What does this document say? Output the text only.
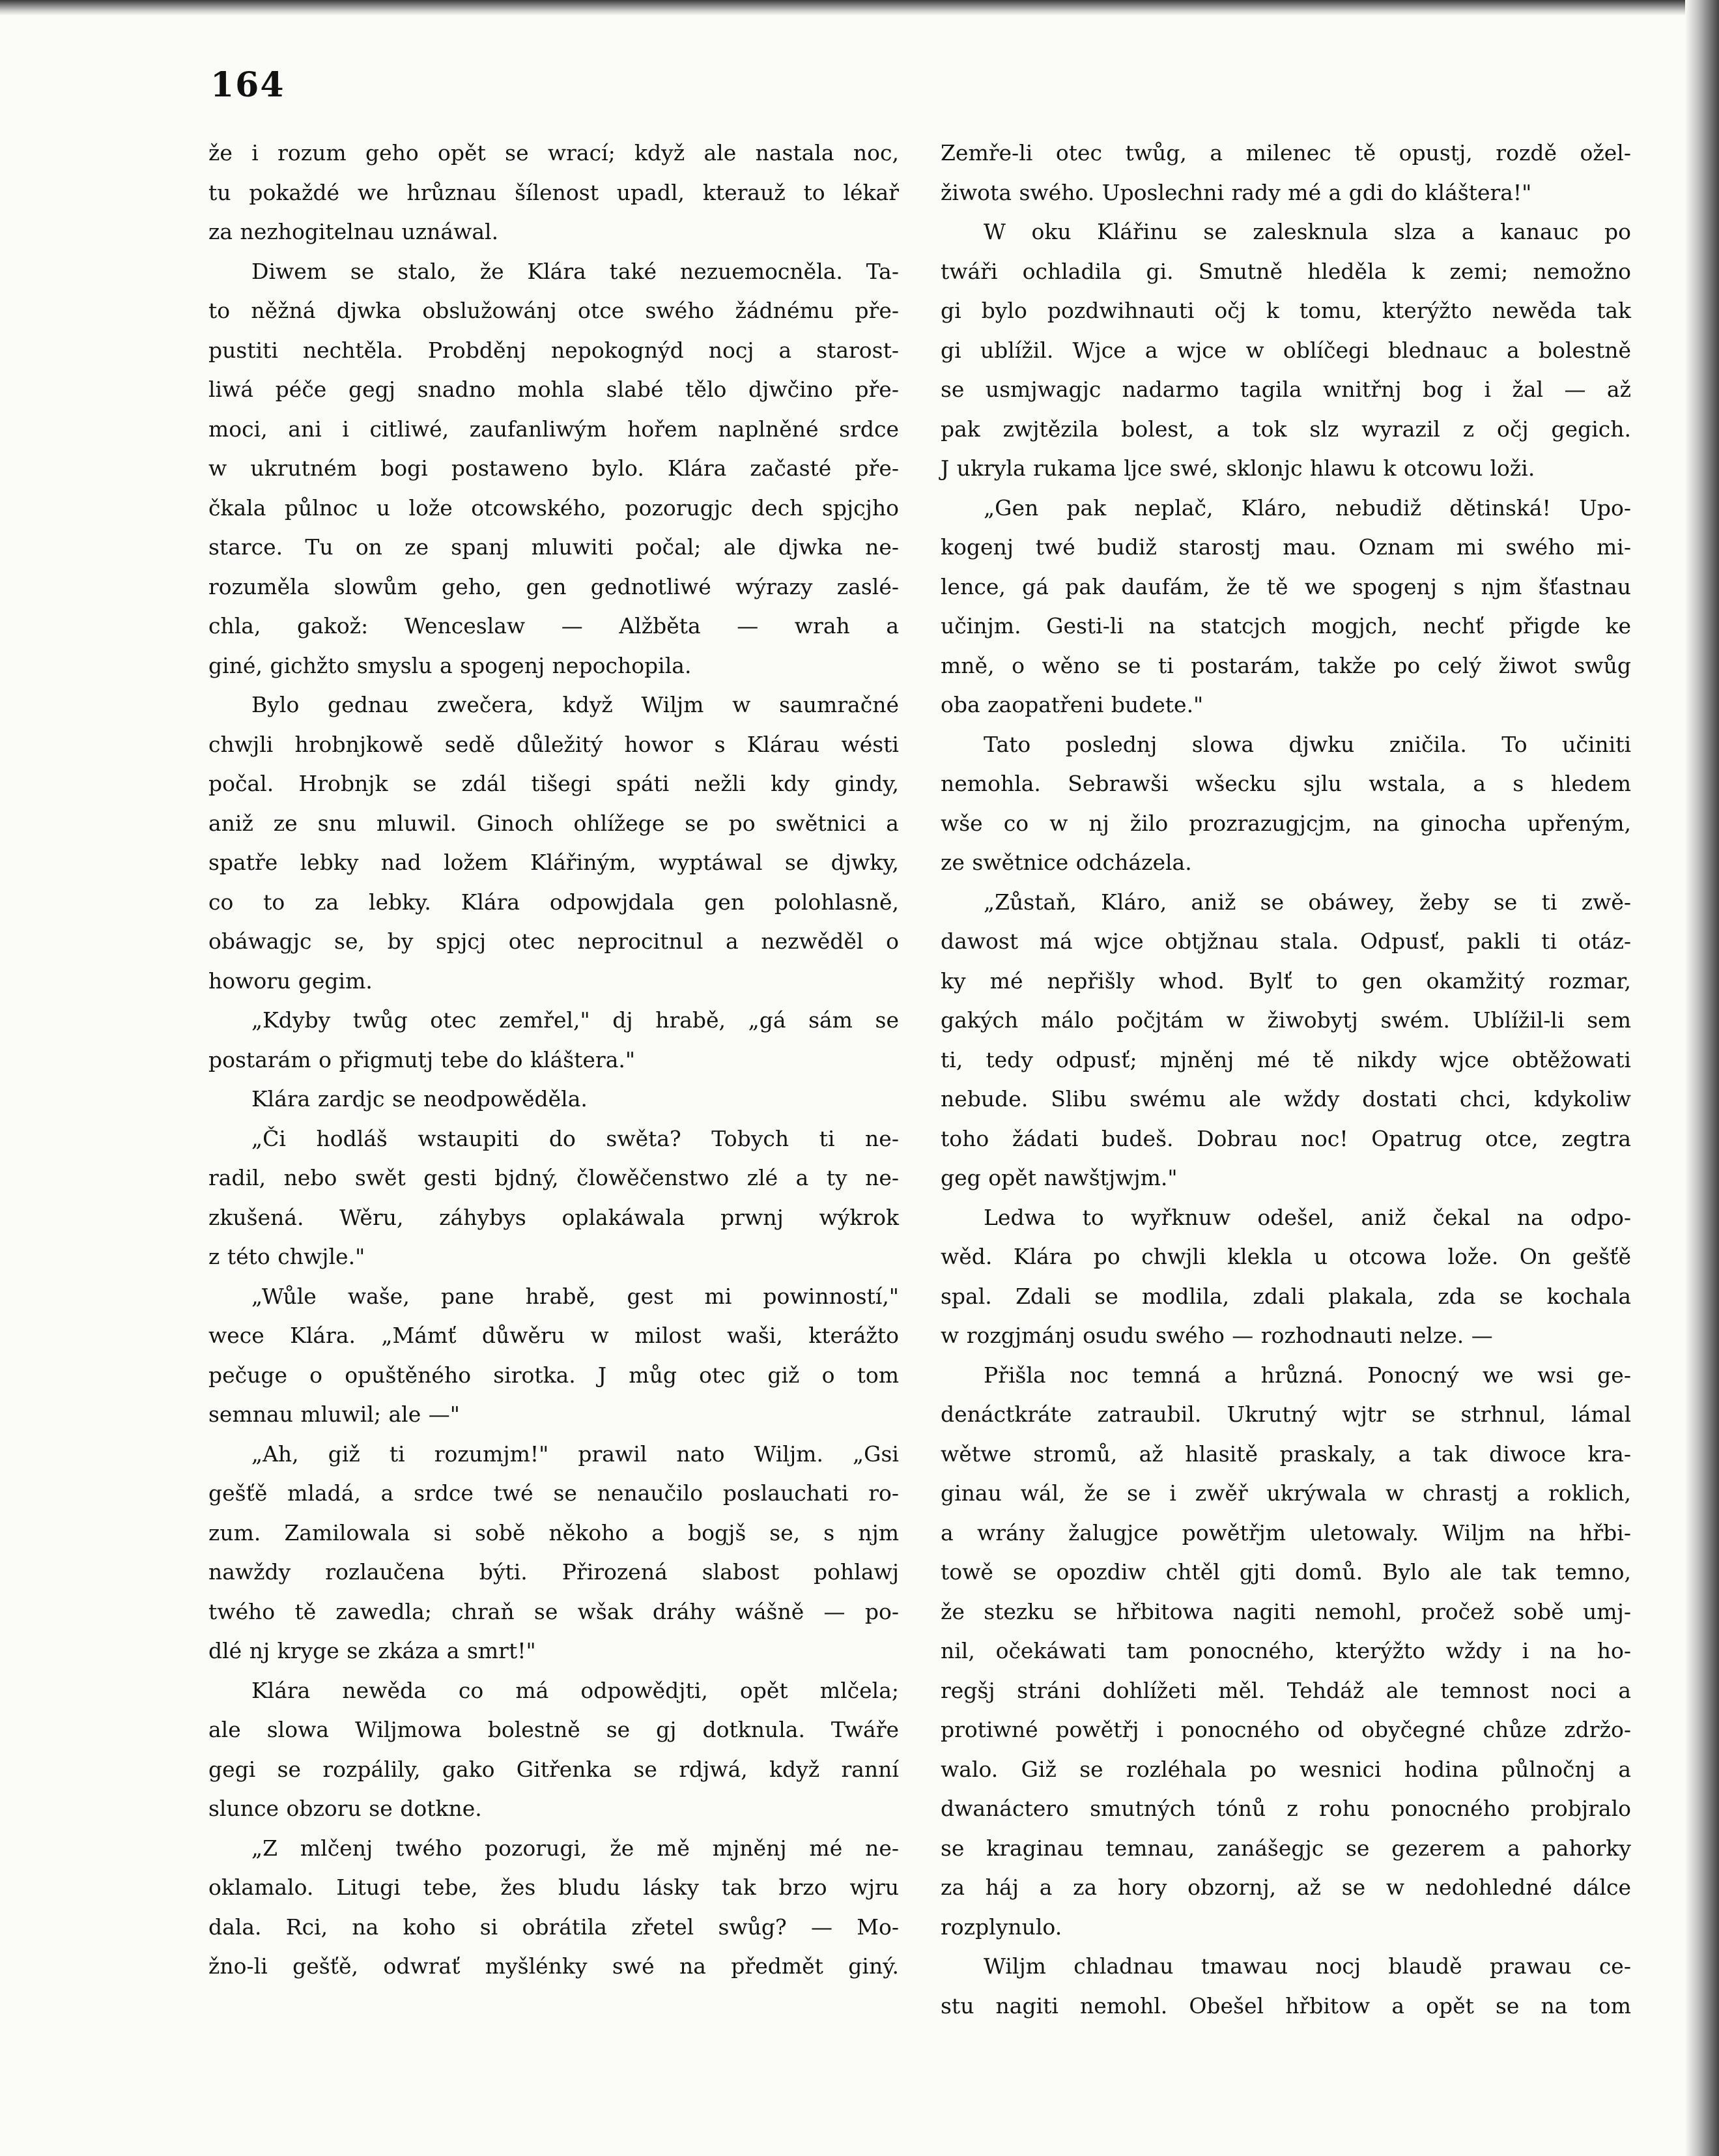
164

že i rozum geho opět se wrací; když ale nastala noc,

tu pokaždé we hrůznau šílenost upadl, kterauž to lékař

za nezhogitelnau uznáwal.

Diwem se stalo, že Klára také nezuemocněla. Ta-

to něžná djwka obslužowánj otce swého žádnému pře-

pustiti nechtěla. Probděnj nepokognýd nocj a starost-

liwá péče gegj snadno mohla slabé tělo djwčino pře-

moci, ani i citliwé, zaufanliwým hořem naplněné srdce

w ukrutném bogi postaweno bylo. Klára začasté pře-

čkala půlnoc u lože otcowského, pozorugjc dech spjcjho

starce. Tu on ze spanj mluwiti počal; ale djwka ne-

rozuměla slowům geho, gen gednotliwé wýrazy zaslé-

chla, gakož: Wenceslaw — Alžběta — wrah a

giné, gichžto smyslu a spogenj nepochopila.

Bylo gednau zwečera, když Wiljm w saumračné

chwjli hrobnjkowě sedě důležitý howor s Klárau wésti

počal. Hrobnjk se zdál tišegi spáti nežli kdy gindy,

aniž ze snu mluwil. Ginoch ohlížege se po swětnici a

spatře lebky nad ložem Klářiným, wyptáwal se djwky,

co to za lebky. Klára odpowjdala gen polohlasně,

obáwagjc se, by spjcj otec neprocitnul a nezwěděl o

howoru gegim.

„Kdyby twůg otec zemřel," dj hrabě, „gá sám se

postarám o přigmutj tebe do kláštera."

Klára zardjc se neodpowěděla.

„Či hodláš wstaupiti do swěta? Tobych ti ne-

radil, nebo swět gesti bjdný, člowěčenstwo zlé a ty ne-

zkušená. Wěru, záhybys oplakáwala prwnj wýkrok

z této chwjle."

„Wůle waše, pane hrabě, gest mi powinností,"

wece Klára. „Mámť důwěru w milost waši, kterážto

pečuge o opuštěného sirotka. J můg otec giž o tom

semnau mluwil; ale —"

„Ah, giž ti rozumjm!" prawil nato Wiljm. „Gsi

gešťě mladá, a srdce twé se nenaučilo poslauchati ro-

zum. Zamilowala si sobě někoho a bogjš se, s njm

nawždy rozlaučena býti. Přirozená slabost pohlawj

twého tě zawedla; chraň se wšak dráhy wášně — po-

dlé nj kryge se zkáza a smrt!"

Klára newěda co má odpowědjti, opět mlčela;

ale slowa Wiljmowa bolestně se gj dotknula. Twáře

gegi se rozpálily, gako Gitřenka se rdjwá, když ranní

slunce obzoru se dotkne.

„Z mlčenj twého pozorugi, že mě mjněnj mé ne-

oklamalo. Litugi tebe, žes bludu lásky tak brzo wjru

dala. Rci, na koho si obrátila zřetel swůg? — Mo-

žno-li gešťě, odwrať myšlénky swé na předmět giný.

Zemře-li otec twůg, a milenec tě opustj, rozdě ožel-

žiwota swého. Uposlechni rady mé a gdi do kláštera!"

W oku Klářinu se zalesknula slza a kanauc po

twáři ochladila gi. Smutně hleděla k zemi; nemožno

gi bylo pozdwihnauti očj k tomu, kterýžto newěda tak

gi ublížil. Wjce a wjce w oblíčegi blednauc a bolestně

se usmjwagjc nadarmo tagila wnitřnj bog i žal — až

pak zwjtězila bolest, a tok slz wyrazil z očj gegich.

J ukryla rukama ljce swé, sklonjc hlawu k otcowu loži.

„Gen pak neplač, Kláro, nebudiž dětinská! Upo-

kogenj twé budiž starostj mau. Oznam mi swého mi-

lence, gá pak daufám, že tě we spogenj s njm šťastnau

učinjm. Gesti-li na statcjch mogjch, nechť přigde ke

mně, o wěno se ti postarám, takže po celý žiwot swůg

oba zaopatřeni budete."

Tato poslednj slowa djwku zničila. To učiniti

nemohla. Sebrawši wšecku sjlu wstala, a s hledem

wše co w nj žilo prozrazugjcjm, na ginocha upřeným,

ze swětnice odcházela.

„Zůstaň, Kláro, aniž se obáwey, žeby se ti zwě-

dawost má wjce obtjžnau stala. Odpusť, pakli ti otáz-

ky mé nepřišly whod. Bylť to gen okamžitý rozmar,

gakých málo počjtám w žiwobytj swém. Ublížil-li sem

ti, tedy odpusť; mjněnj mé tě nikdy wjce obtěžowati

nebude. Slibu swému ale wždy dostati chci, kdykoliw

toho žádati budeš. Dobrau noc! Opatrug otce, zegtra

geg opět nawštjwjm."

Ledwa to wyřknuw odešel, aniž čekal na odpo-

wěd. Klára po chwjli klekla u otcowa lože. On gešťě

spal. Zdali se modlila, zdali plakala, zda se kochala

w rozgjmánj osudu swého — rozhodnauti nelze. —

Přišla noc temná a hrůzná. Ponocný we wsi ge-

denáctkráte zatraubil. Ukrutný wjtr se strhnul, lámal

wětwe stromů, až hlasitě praskaly, a tak diwoce kra-

ginau wál, že se i zwěř ukrýwala w chrastj a roklich,

a wrány žalugjce powětřjm uletowaly. Wiljm na hřbi-

towě se opozdiw chtěl gjti domů. Bylo ale tak temno,

že stezku se hřbitowa nagiti nemohl, pročež sobě umj-

nil, očekáwati tam ponocného, kterýžto wždy i na ho-

regšj stráni dohlížeti měl. Tehdáž ale temnost noci a

protiwné powětřj i ponocného od obyčegné chůze zdržo-

walo. Giž se rozléhala po wesnici hodina půlnočnj a

dwanáctero smutných tónů z rohu ponocného probjralo

se kraginau temnau, zanášegjc se gezerem a pahorky

za háj a za hory obzornj, až se w nedohledné dálce

rozplynulo.

Wiljm chladnau tmawau nocj blaudě prawau ce-

stu nagiti nemohl. Obešel hřbitow a opět se na tom
